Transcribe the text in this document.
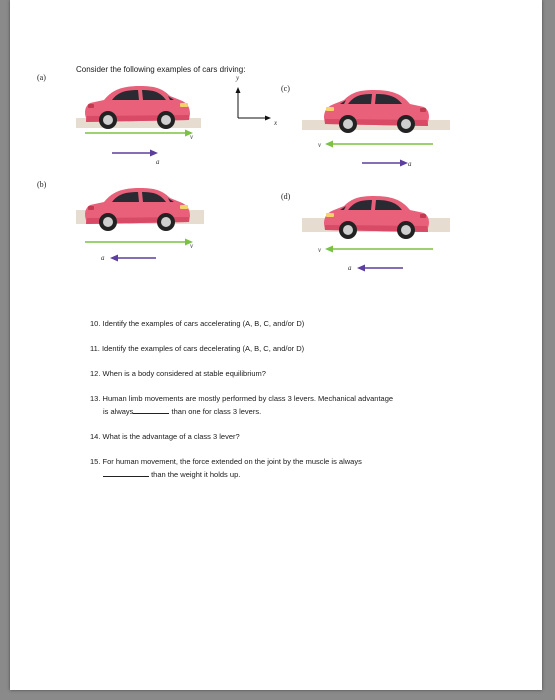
Consider the following examples of cars driving:
(a)
v
a
y
x
(c)
v
a
(b)
v
a
(d)
v
a
10. Identify the examples of cars accelerating (A, B, C, and/or D)
11. Identify the examples of cars decelerating (A, B, C, and/or D)
12. When is a body considered at stable equilibrium?
13. Human limb movements are mostly performed by class 3 levers. Mechanical advantage
is always	than one for class 3 levers.
14. What is the advantage of a class 3 lever?
15. For human movement, the force extended on the joint by the muscle is always
than the weight it holds up.
